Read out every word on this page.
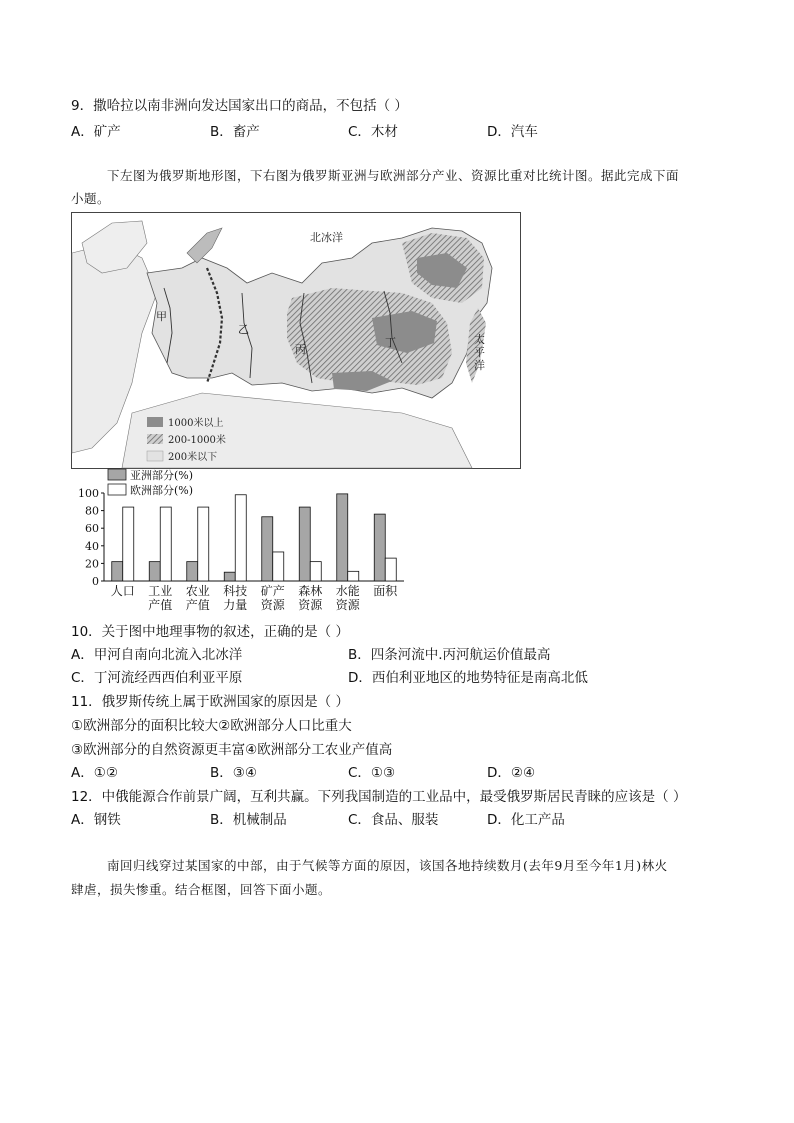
9．撒哈拉以南非洲向发达国家出口的商品，不包括（ ）
A．矿产	B．畜产	C．木材	D．汽车
下左图为俄罗斯地形图，下右图为俄罗斯亚洲与欧洲部分产业、资源比重对比统计图。据此完成下面
小题。
北冰洋
太
平
洋
甲
乙
丙
丁
1000米以上
200-1000米
200米以下
亚洲部分(%)
欧洲部分(%)
0
20
40
60
80
100
人口 工业
产值
农业
产值
科技
力量
矿产
资源
森林
资源
水能
资源
面积
10．关于图中地理事物的叙述，正确的是（ ）
A．甲河自南向北流入北冰洋	B．四条河流中.丙河航运价值最高
C．丁河流经西西伯利亚平原	D．西伯利亚地区的地势特征是南高北低
11．俄罗斯传统上属于欧洲国家的原因是（ ）
①欧洲部分的面积比较大②欧洲部分人口比重大
③欧洲部分的自然资源更丰富④欧洲部分工农业产值高
A．①②	B．③④	C．①③	D．②④
12．中俄能源合作前景广阔，互利共赢。下列我国制造的工业品中，最受俄罗斯居民青睐的应该是（ ）
A．钢铁	B．机械制品	C．食品、服装	D．化工产品
南回归线穿过某国家的中部，由于气候等方面的原因，该国各地持续数月(去年9月至今年1月)林火
肆虐，损失惨重。结合框图，回答下面小题。
